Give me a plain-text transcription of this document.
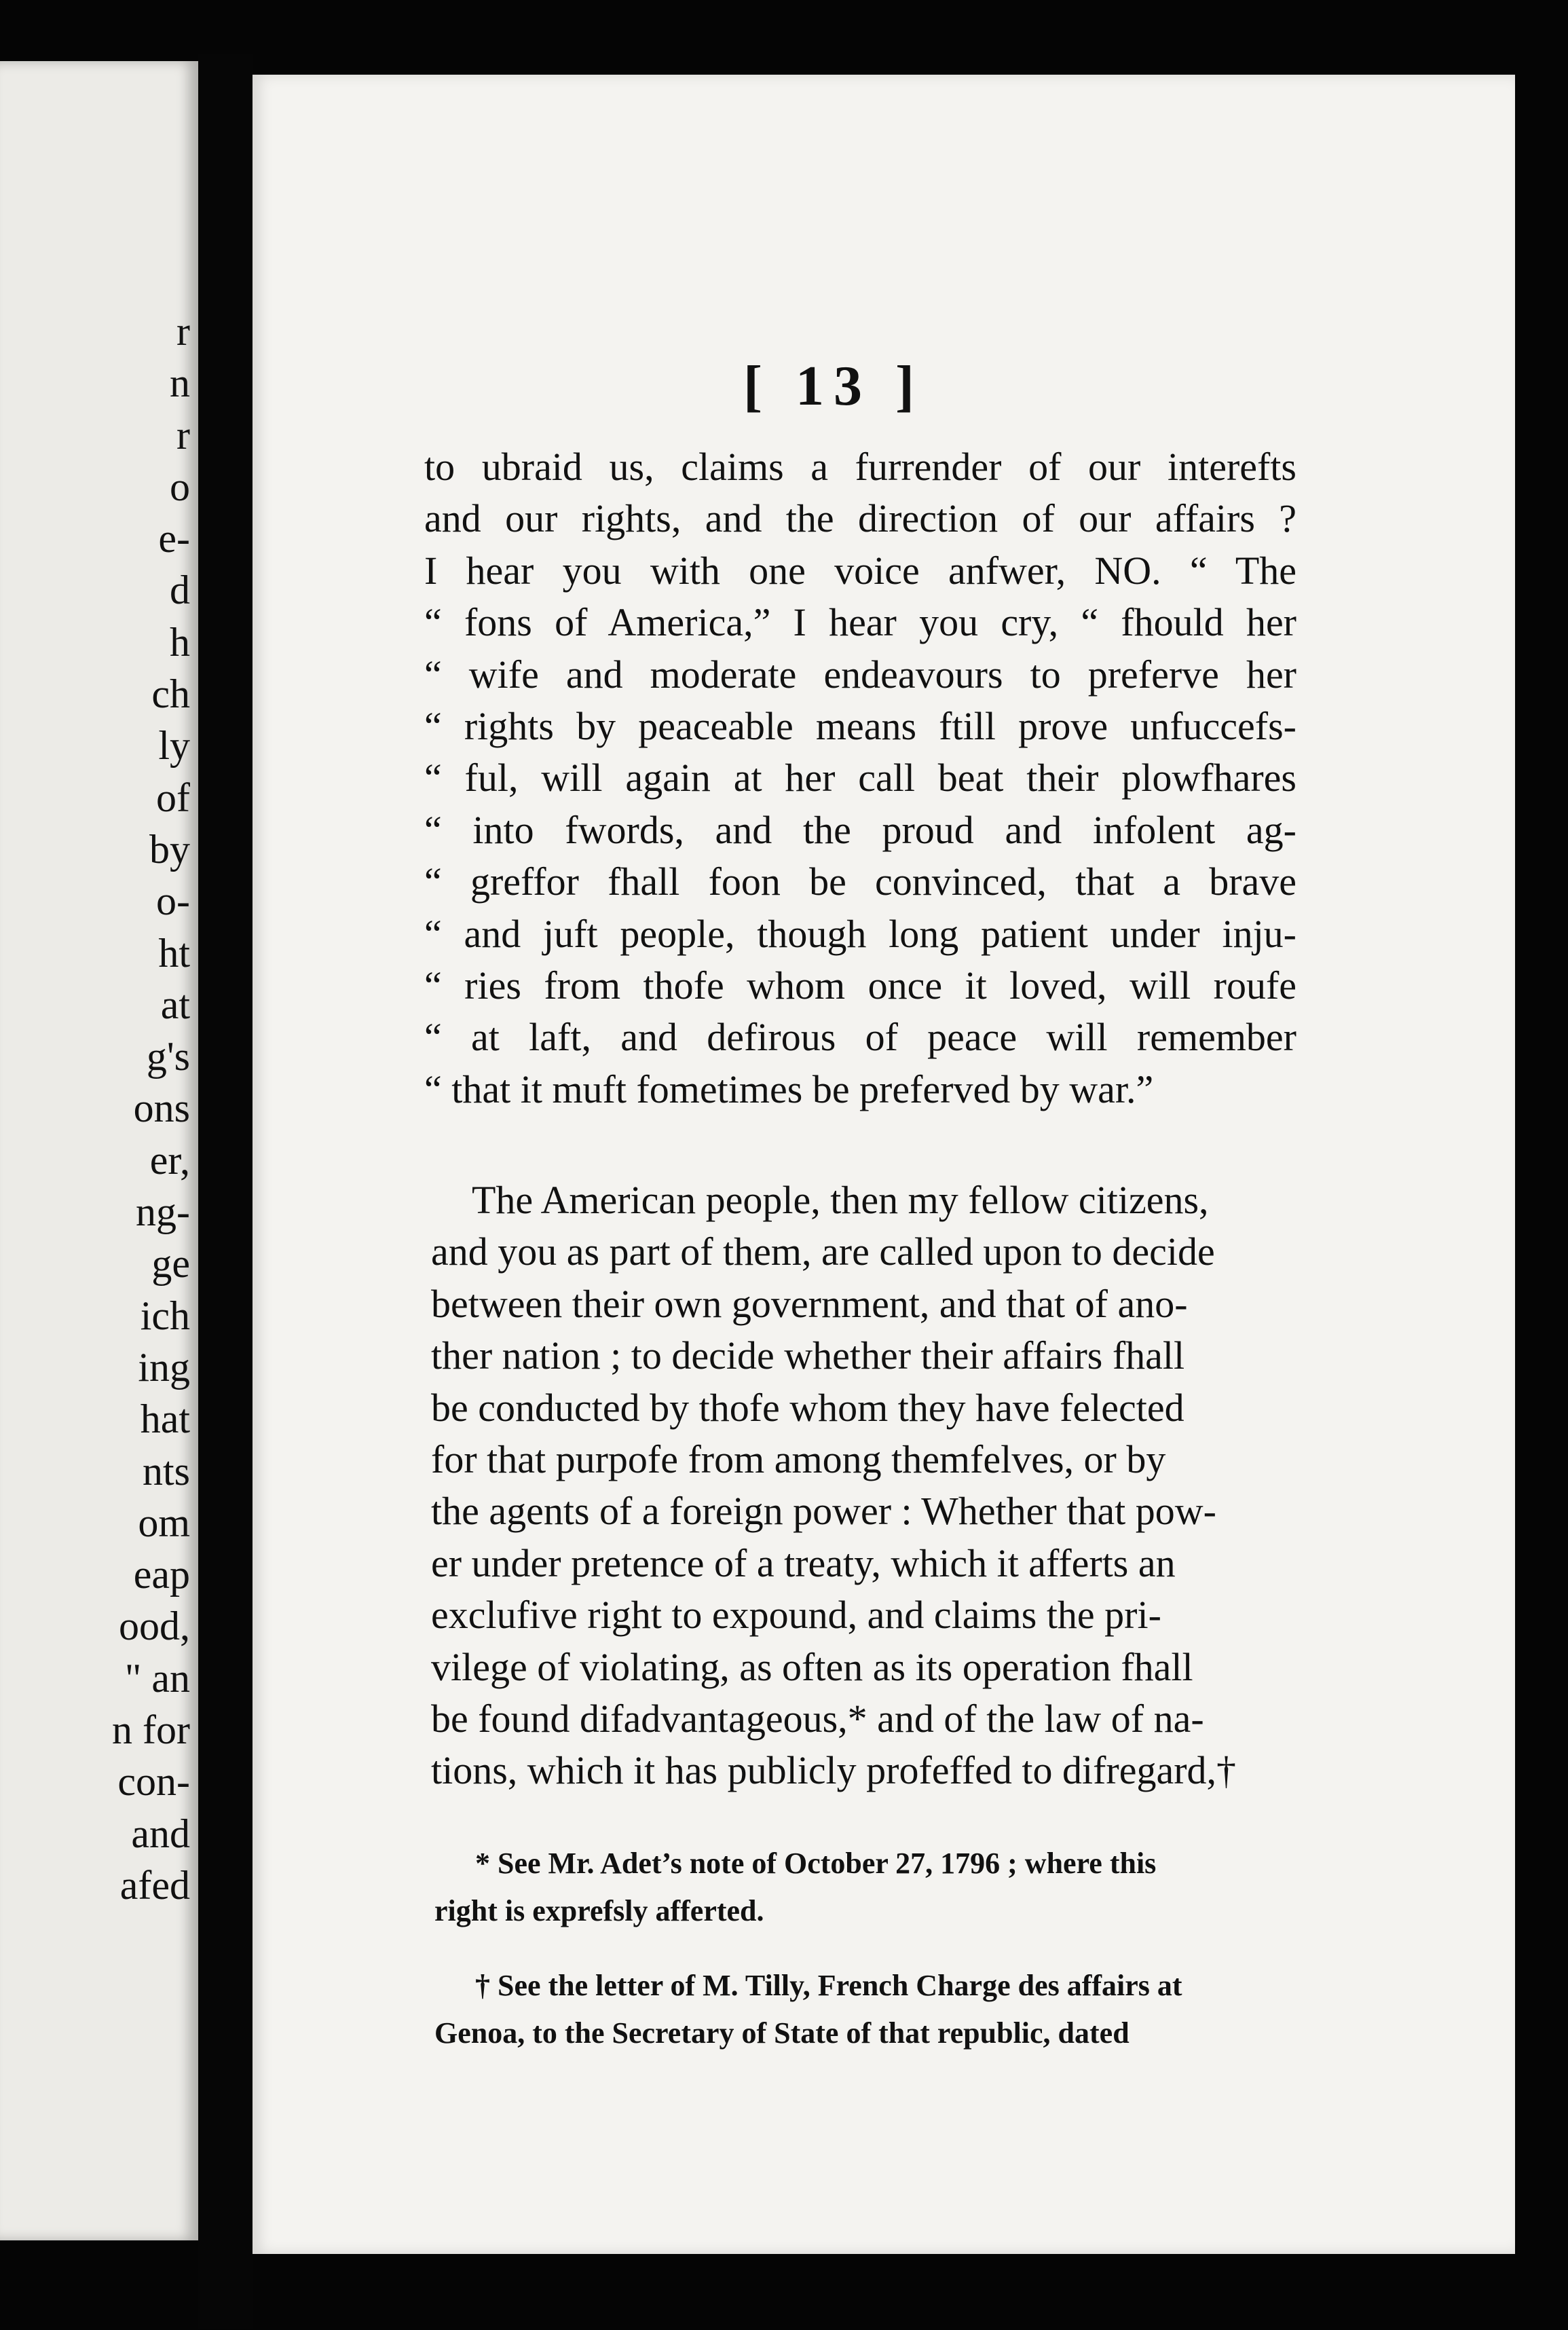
r
n
r
o
e-
d
h
ch
ly
of
by
o-
ht
at
g's
ons
er,
ng-
ge
ich
ing
hat
nts
om
eap
ood,
" an
n for
con-
and
afed
[ 13 ]
to ubraid us, claims a furrender of our interefts
and our rights, and the direction of our affairs ?
I hear you with one voice anfwer, NO. “ The
“ fons of America,” I hear you cry, “ fhould her
“ wife and moderate endeavours to preferve her
“ rights by peaceable means ftill prove unfuccefs-
“ ful, will again at her call beat their plowfhares
“ into fwords, and the proud and infolent ag-
“ greffor fhall foon be convinced, that a brave
“ and juft people, though long patient under inju-
“ ries from thofe whom once it loved, will roufe
“ at laft, and defirous of peace will remember
“ that it muft fometimes be preferved by war.”
The American people, then my fellow citizens,
and you as part of them, are called upon to decide
between their own government, and that of ano-
ther nation ; to decide whether their affairs fhall
be conducted by thofe whom they have felected
for that purpofe from among themfelves, or by
the agents of a foreign power : Whether that pow-
er under pretence of a treaty, which it afferts an
exclufive right to expound, and claims the pri-
vilege of violating, as often as its operation fhall
be found difadvantageous,* and of the law of na-
tions, which it has publicly profeffed to difregard,†
* See Mr. Adet’s note of October 27, 1796 ; where this
right is exprefsly afferted.
† See the letter of M. Tilly, French Charge des affairs at
Genoa, to the Secretary of State of that republic, dated
